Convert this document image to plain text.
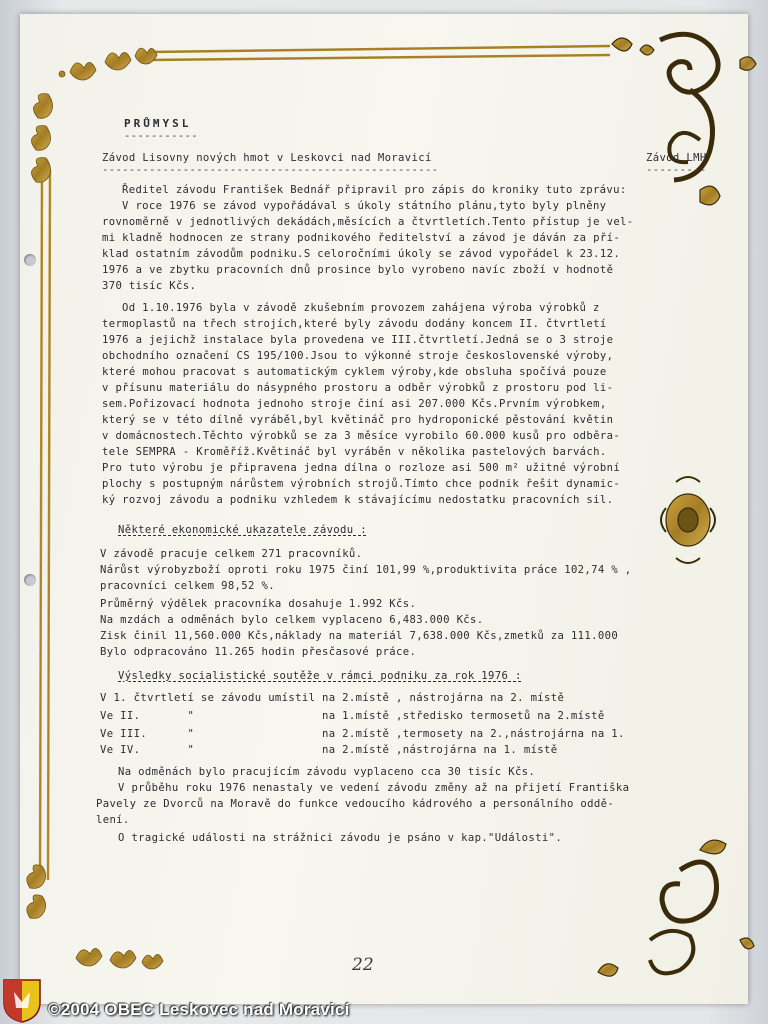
PRŮMYSL
-----------
Závod Lisovny nových hmot v Leskovci nad Moravicí
--------------------------------------------------
Závod LMH
---------
Ředitel závodu František Bednář připravil pro zápis do kroniky tuto zprávu:
V roce 1976 se závod vypořádával s úkoly státního plánu,tyto byly plněny
rovnoměrně v jednotlivých dekádách,měsících a čtvrtletích.Tento přístup je vel-
mi kladně hodnocen ze strany podnikového ředitelství a závod je dáván za pří-
klad ostatním závodům podniku.S celoročními úkoly se závod vypořádel k 23.12.
1976 a ve zbytku pracovních dnů prosince bylo vyrobeno navíc zboží v hodnotě
370 tisíc Kčs.
Od 1.10.1976 byla v závodě zkušebním provozem zahájena výroba výrobků z
termoplastů na třech strojích,které byly závodu dodány koncem II. čtvrtletí
1976 a jejichž instalace byla provedena ve III.čtvrtletí.Jedná se o 3 stroje
obchodního označení CS 195/100.Jsou to výkonné stroje československé výroby,
které mohou pracovat s automatickým cyklem výroby,kde obsluha spočívá pouze
v přísunu materiálu do násypného prostoru a odběr výrobků z prostoru pod li-
sem.Pořizovací hodnota jednoho stroje činí asi 207.000 Kčs.Prvním výrobkem,
který se v této dílně vyráběl,byl květináč pro hydroponické pěstování květin
v domácnostech.Těchto výrobků se za 3 měsíce vyrobilo 60.000 kusů pro odběra-
tele SEMPRA - Kroměříž.Květináč byl vyráběn v několika pastelových barvách.
Pro tuto výrobu je připravena jedna dílna o rozloze asi 500 m² užitné výrobní
plochy s postupným nárůstem výrobních strojů.Tímto chce podnik řešit dynamic-
ký rozvoj závodu a podniku vzhledem k stávajícímu nedostatku pracovních sil.
Některé ekonomické ukazatele závodu :
V závodě pracuje celkem 271 pracovníků.
Nárůst výrobyzboží oproti roku 1975 činí 101,99 %,produktivita práce 102,74 % ,
pracovníci celkem 98,52 %.
Průměrný výdělek pracovníka dosahuje 1.992 Kčs.
Na mzdách a odměnách bylo celkem vyplaceno 6,483.000 Kčs.
Zisk činil 11,560.000 Kčs,náklady na materiál 7,638.000 Kčs,zmetků za 111.000
Bylo odpracováno 11.265 hodin přesčasové práce.
Výsledky socialistické soutěže v rámci podniku za rok 1976 :
V 1. čtvrtletí se závodu umístil na 2.místě , nástrojárna na 2. místě
Ve II.       "	na 1.místě ,středisko termosetů na 2.místě
Ve III.      "	na 2.místě ,termosety na 2.,nástrojárna na 1.
Ve IV.       "	na 2.místě ,nástrojárna na 1. místě
Na odměnách bylo pracujícím závodu vyplaceno cca 30 tisíc Kčs.
V průběhu roku 1976 nenastaly ve vedení závodu změny až na přijetí Františka
Pavely ze Dvorců na Moravě do funkce vedoucího kádrového a personálního oddě-
lení.
O tragické události na strážnici závodu je psáno v kap."Události".
22
©2004 OBEC Leskovec nad Moravicí
